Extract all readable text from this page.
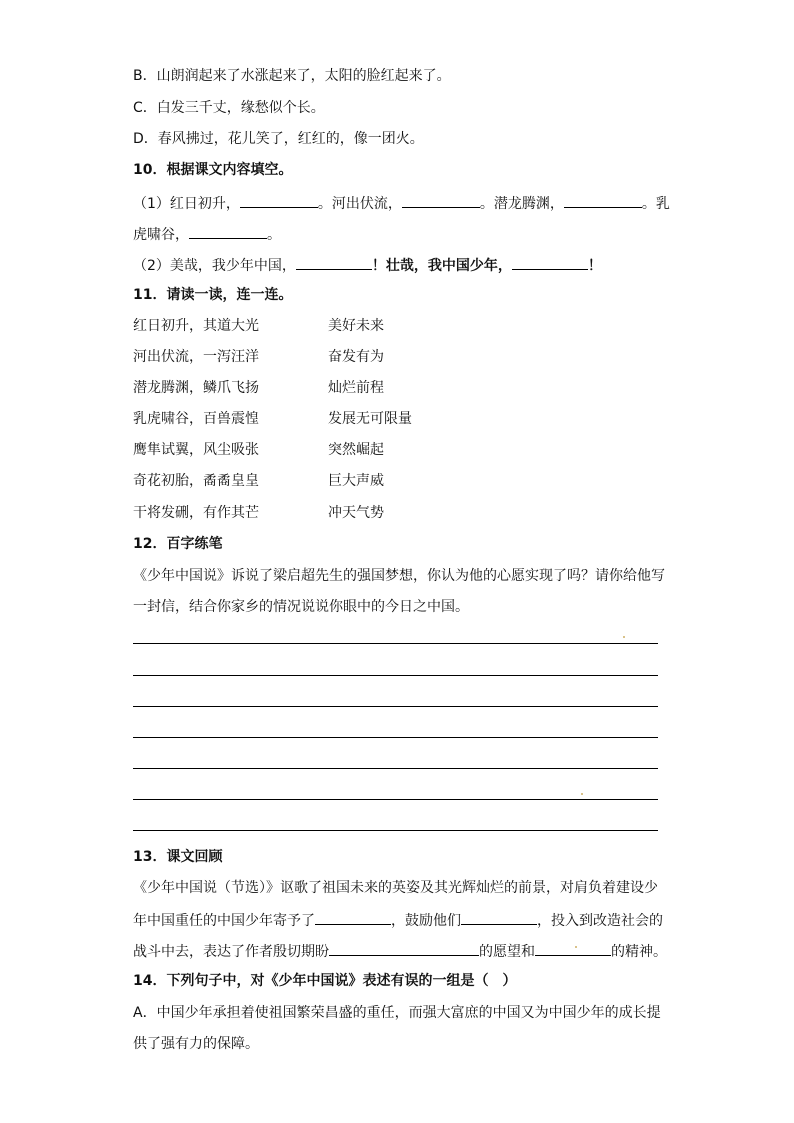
B．山朗润起来了水涨起来了，太阳的脸红起来了。
C．白发三千丈，缘愁似个长。
D．春风拂过，花儿笑了，红红的，像一团火。
10．根据课文内容填空。
（1）红日初升，	。河出伏流，	。潜龙腾渊，	。乳
虎啸谷，	。
（2）美哉，我少年中国，	！壮哉，我中国少年，	！
11．请读一读，连一连。
红日初升，其道大光	美好未来
河出伏流，一泻汪洋	奋发有为
潜龙腾渊，鳞爪飞扬	灿烂前程
乳虎啸谷，百兽震惶	发展无可限量
鹰隼试翼，风尘吸张	突然崛起
奇花初胎，矞矞皇皇	巨大声威
干将发硎，有作其芒	冲天气势
12．百字练笔
《少年中国说》诉说了梁启超先生的强国梦想，你认为他的心愿实现了吗？请你给他写
一封信，结合你家乡的情况说说你眼中的今日之中国。
13．课文回顾
《少年中国说（节选）》讴歌了祖国未来的英姿及其光辉灿烂的前景，对肩负着建设少
年中国重任的中国少年寄予了	，鼓励他们	，投入到改造社会的
战斗中去，表达了作者殷切期盼	的愿望和	的精神。
14．下列句子中，对《少年中国说》表述有误的一组是（　）
A．中国少年承担着使祖国繁荣昌盛的重任，而强大富庶的中国又为中国少年的成长提
供了强有力的保障。
